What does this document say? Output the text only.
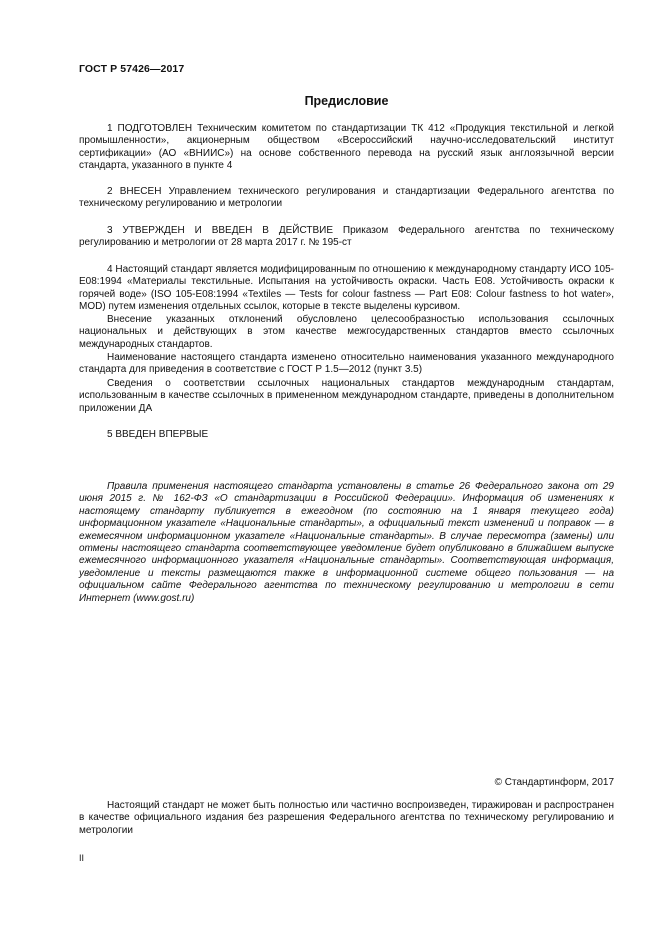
ГОСТ Р 57426—2017
Предисловие

1 ПОДГОТОВЛЕН Техническим комитетом по стандартизации ТК 412 «Продукция текстильной и легкой промышленности», акционерным обществом «Всероссийский научно-исследовательский институт сертификации» (АО «ВНИИС») на основе собственного перевода на русский язык англоязычной версии стандарта, указанного в пункте 4

2 ВНЕСЕН Управлением технического регулирования и стандартизации Федерального агентства по техническому регулированию и метрологии

3 УТВЕРЖДЕН И ВВЕДЕН В ДЕЙСТВИЕ Приказом Федерального агентства по техническому регулированию и метрологии от 28 марта 2017 г. № 195-ст

4 Настоящий стандарт является модифицированным по отношению к международному стандарту ИСО 105-E08:1994 «Материалы текстильные. Испытания на устойчивость окраски. Часть E08. Устойчивость окраски к горячей воде» (ISO 105-E08:1994 «Textiles — Tests for colour fastness — Part E08: Colour fastness to hot water», MOD) путем изменения отдельных ссылок, которые в тексте выделены курсивом.

Внесение указанных отклонений обусловлено целесообразностью использования ссылочных национальных и действующих в этом качестве межгосударственных стандартов вместо ссылочных международных стандартов.

Наименование настоящего стандарта изменено относительно наименования указанного международного стандарта для приведения в соответствие с ГОСТ Р 1.5—2012 (пункт 3.5)

Сведения о соответствии ссылочных национальных стандартов международным стандартам, использованным в качестве ссылочных в примененном международном стандарте, приведены в дополнительном приложении ДА

5 ВВЕДЕН ВПЕРВЫЕ

Правила применения настоящего стандарта установлены в статье 26 Федерального закона от 29 июня 2015 г. № 162-ФЗ «О стандартизации в Российской Федерации». Информация об изменениях к настоящему стандарту публикуется в ежегодном (по состоянию на 1 января текущего года) информационном указателе «Национальные стандарты», а официальный текст изменений и поправок — в ежемесячном информационном указателе «Национальные стандарты». В случае пересмотра (замены) или отмены настоящего стандарта соответствующее уведомление будет опубликовано в ближайшем выпуске ежемесячного информационного указателя «Национальные стандарты». Соответствующая информация, уведомление и тексты размещаются также в информационной системе общего пользования — на официальном сайте Федерального агентства по техническому регулированию и метрологии в сети Интернет (www.gost.ru)

© Стандартинформ, 2017

Настоящий стандарт не может быть полностью или частично воспроизведен, тиражирован и распространен в качестве официального издания без разрешения Федерального агентства по техническому регулированию и метрологии

II
